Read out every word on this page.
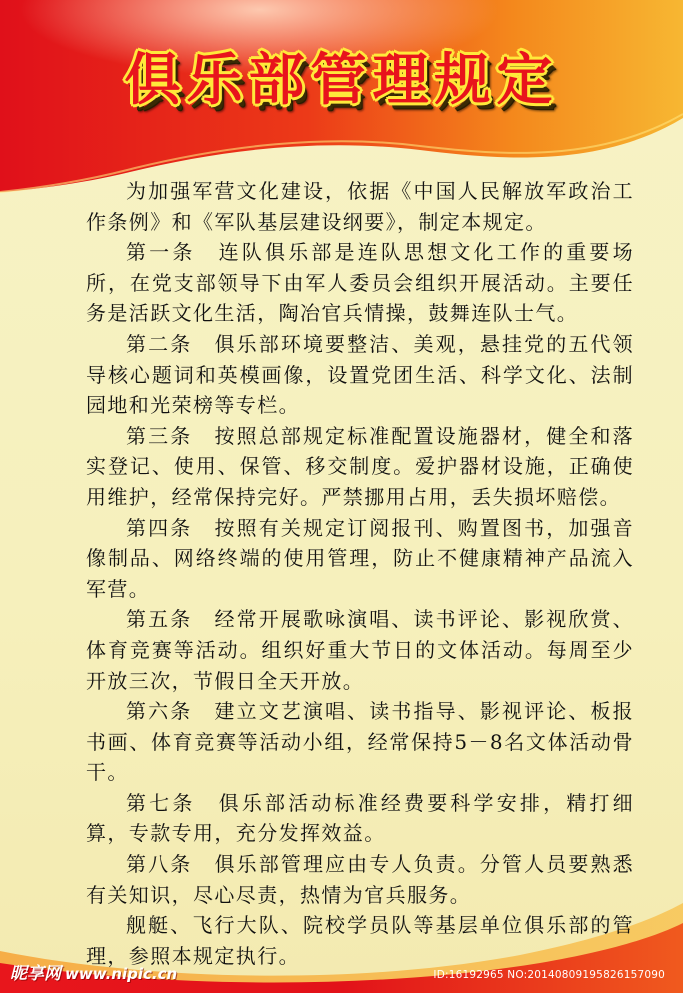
俱乐部管理规定

为加强军营文化建设，依据《中国人民解放军政治工作条例》和《军队基层建设纲要》，制定本规定。

第一条　连队俱乐部是连队思想文化工作的重要场所，在党支部领导下由军人委员会组织开展活动。主要任务是活跃文化生活，陶冶官兵情操，鼓舞连队士气。

第二条　俱乐部环境要整洁、美观，悬挂党的五代领导核心题词和英模画像，设置党团生活、科学文化、法制园地和光荣榜等专栏。

第三条　按照总部规定标准配置设施器材，健全和落实登记、使用、保管、移交制度。爱护器材设施，正确使用维护，经常保持完好。严禁挪用占用，丢失损坏赔偿。

第四条　按照有关规定订阅报刊、购置图书，加强音像制品、网络终端的使用管理，防止不健康精神产品流入军营。

第五条　经常开展歌咏演唱、读书评论、影视欣赏、体育竞赛等活动。组织好重大节日的文体活动。每周至少开放三次，节假日全天开放。

第六条　建立文艺演唱、读书指导、影视评论、板报书画、体育竞赛等活动小组，经常保持5－8名文体活动骨干。

第七条　俱乐部活动标准经费要科学安排，精打细算，专款专用，充分发挥效益。

第八条　俱乐部管理应由专人负责。分管人员要熟悉有关知识，尽心尽责，热情为官兵服务。

舰艇、飞行大队、院校学员队等基层单位俱乐部的管理，参照本规定执行。

昵享网 www.nipic.cn	ID:16192965 NO:20140809195826157090
